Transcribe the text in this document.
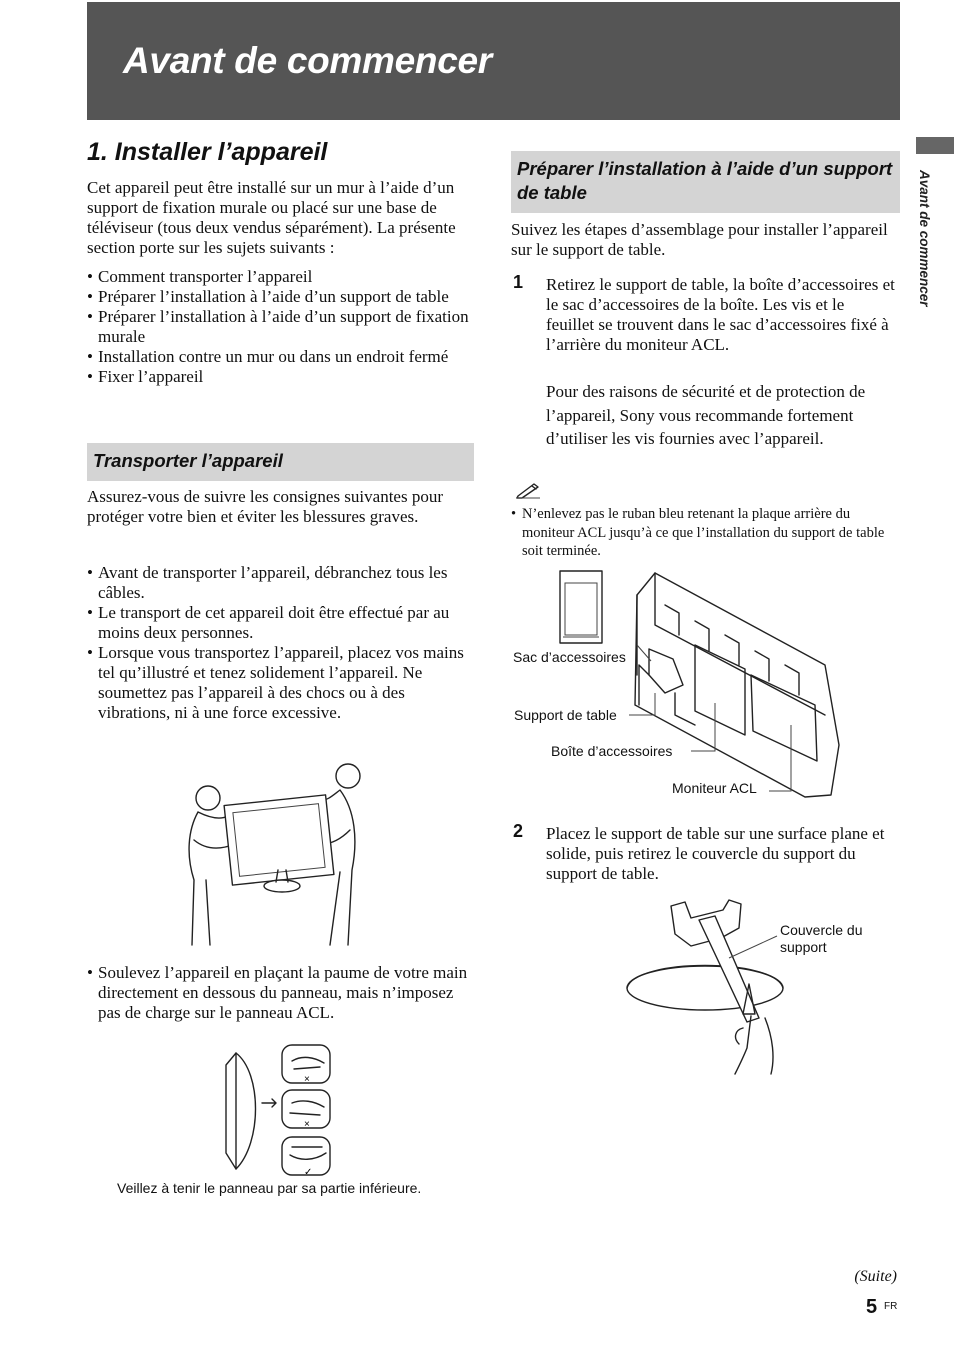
Avant de commencer
Avant de commencer
1. Installer l’appareil

Cet appareil peut être installé sur un mur à l’aide d’un support de fixation murale ou placé sur une base de téléviseur (tous deux vendus séparément). La présente section porte sur les sujets suivants :

• Comment transporter l’appareil
• Préparer l’installation à l’aide d’un support de table
• Préparer l’installation à l’aide d’un support de fixation murale
• Installation contre un mur ou dans un endroit fermé
• Fixer l’appareil
Transporter l’appareil

Assurez-vous de suivre les consignes suivantes pour protéger votre bien et éviter les blessures graves.

• Avant de transporter l’appareil, débranchez tous les câbles.
• Le transport de cet appareil doit être effectué par au moins deux personnes.
• Lorsque vous transportez l’appareil, placez vos mains tel qu’illustré et tenez solidement l’appareil. Ne soumettez pas l’appareil à des chocs ou à des vibrations, ni à une force excessive.
• Soulevez l’appareil en plaçant la paume de votre main directement en dessous du panneau, mais n’imposez pas de charge sur le panneau ACL.
×
×
✓
Veillez à tenir le panneau par sa partie inférieure.
Préparer l’installation à l’aide d’un support de table

Suivez les étapes d’assemblage pour installer l’appareil sur le support de table.

1 Retirez le support de table, la boîte d’accessoires et le sac d’accessoires de la boîte. Les vis et le feuillet se trouvent dans le sac d’accessoires fixé à l’arrière du moniteur ACL.

Pour des raisons de sécurité et de protection de l’appareil, Sony vous recommande fortement d’utiliser les vis fournies avec l’appareil.

• N’enlevez pas le ruban bleu retenant la plaque arrière du moniteur ACL jusqu’à ce que l’installation du support de table soit terminée.
Sac d’accessoires
Support de table
Boîte d’accessoires
Moniteur ACL
2 Placez le support de table sur une surface plane et solide, puis retirez le couvercle du support du support de table.

Couvercle du support
(Suite)
5 FR
